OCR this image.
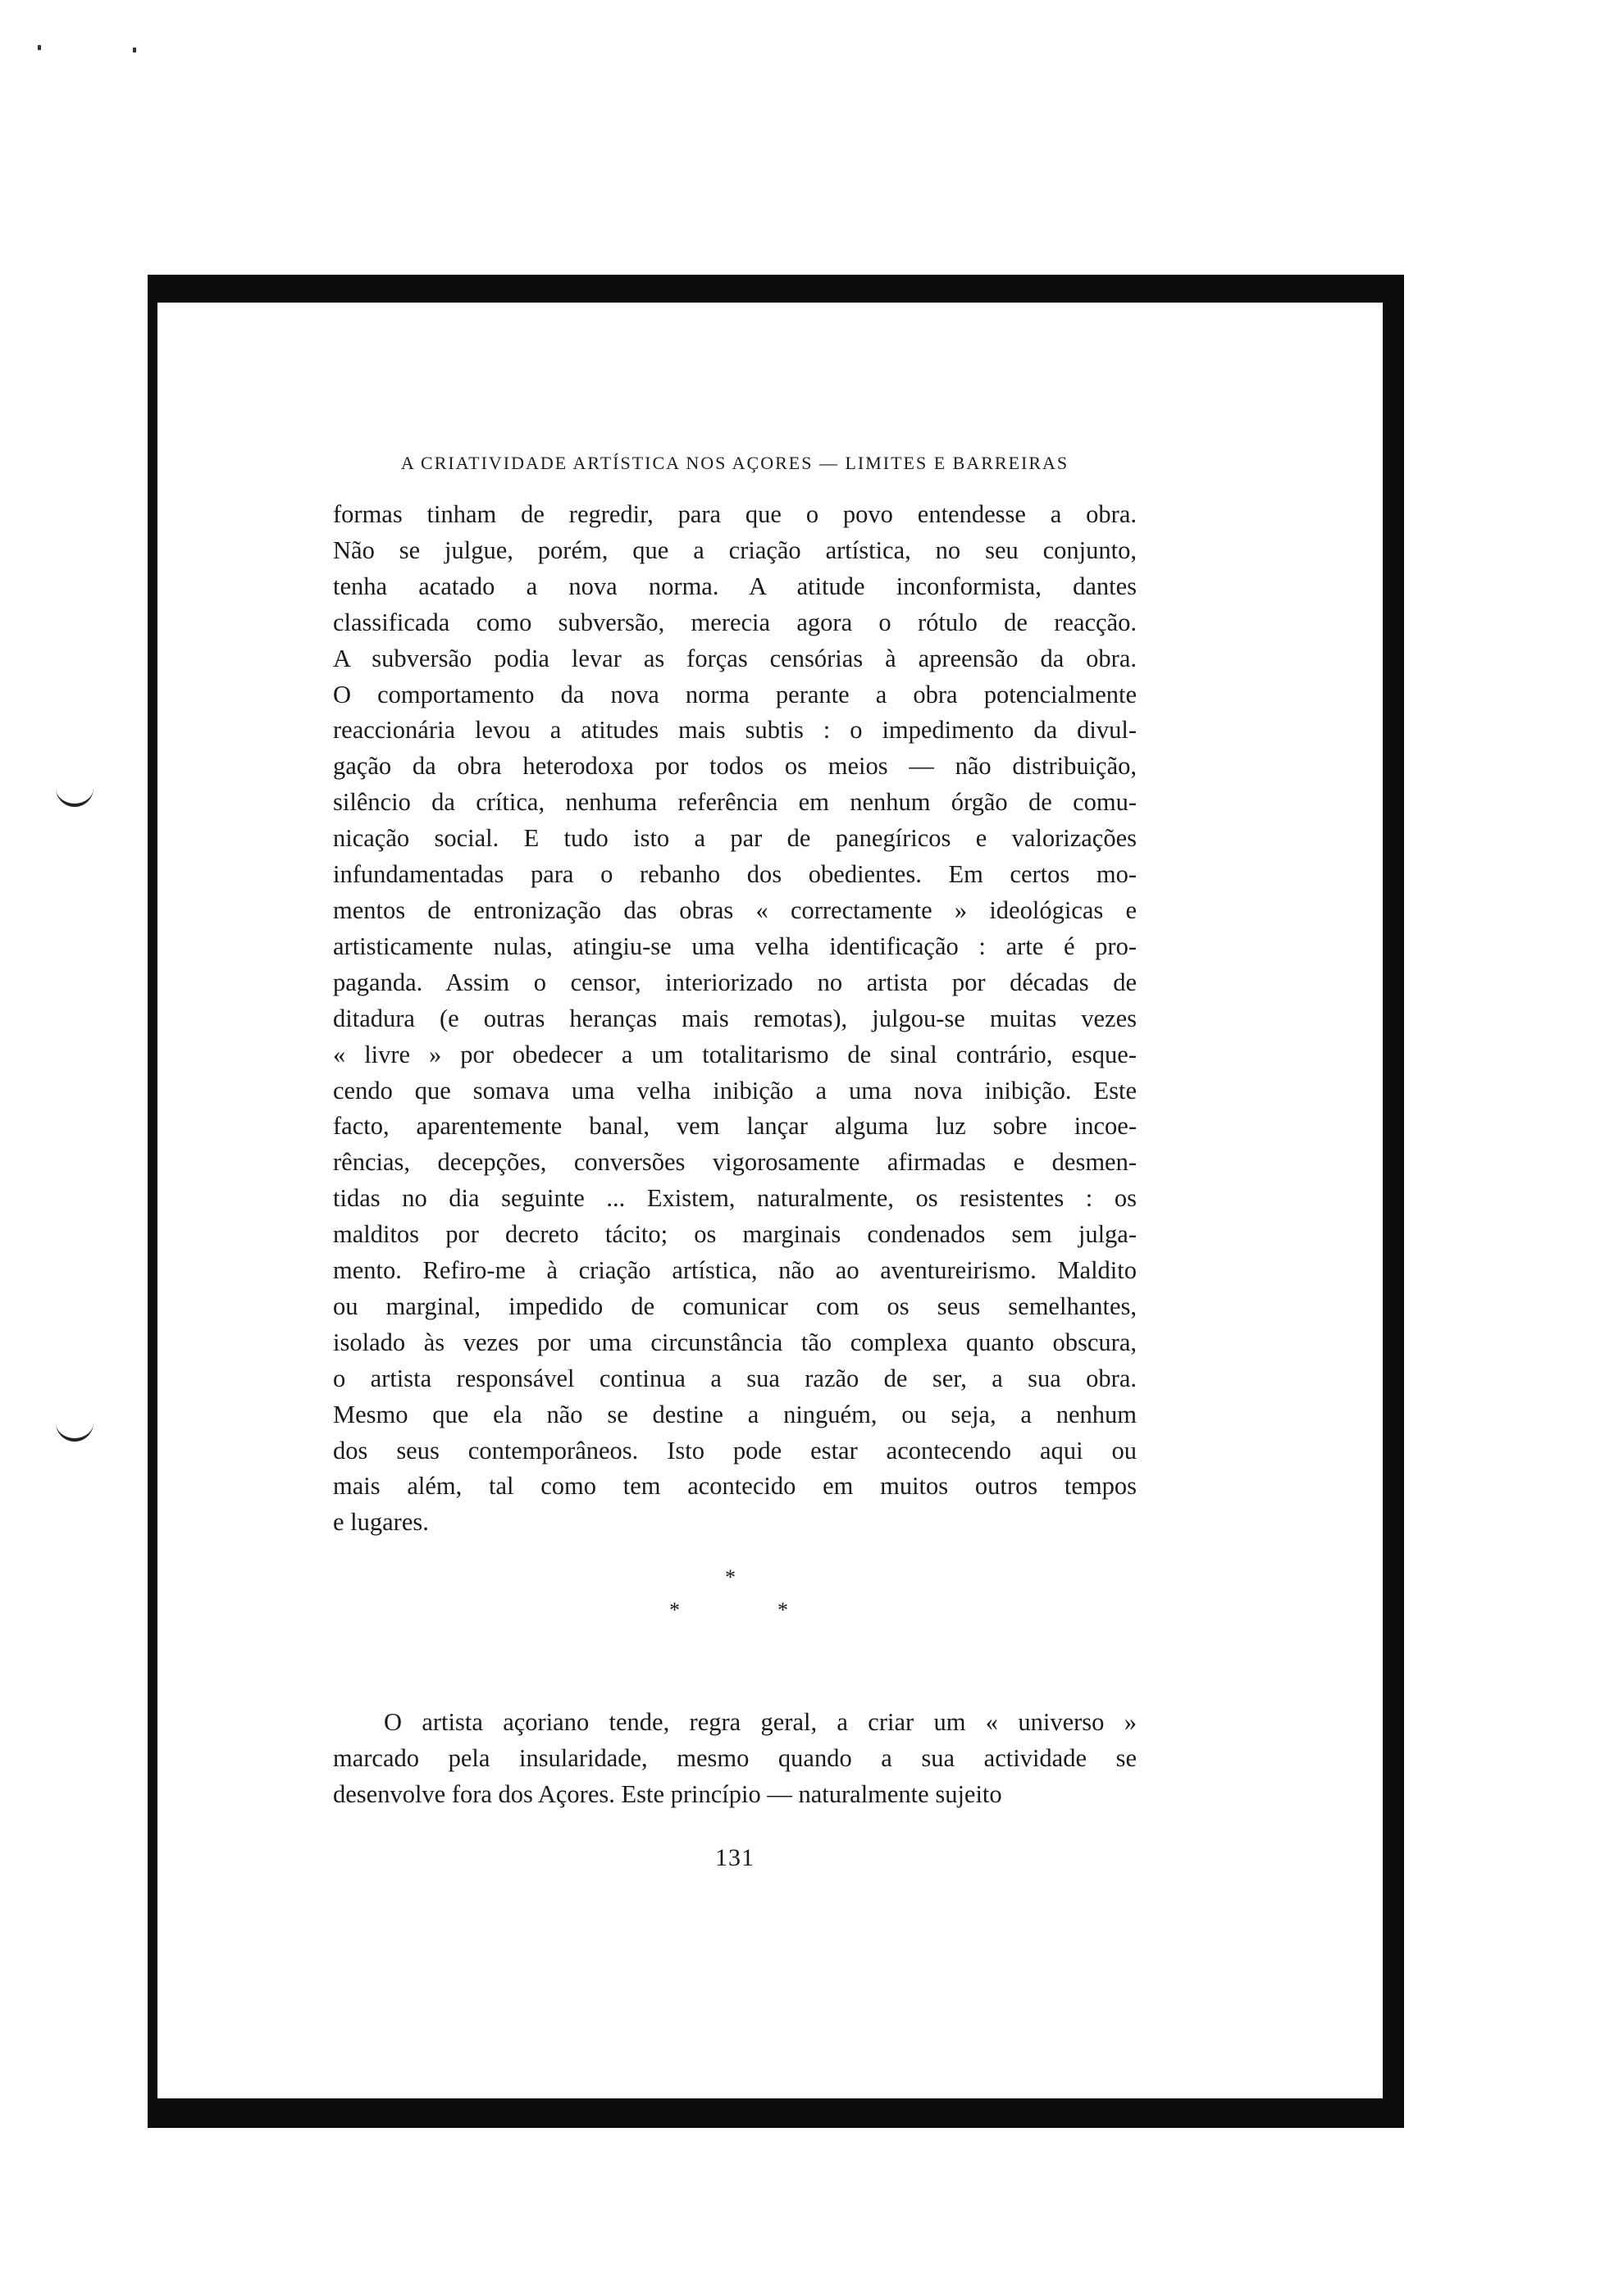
A CRIATIVIDADE ARTÍSTICA NOS AÇORES — LIMITES E BARREIRAS
formas tinham de regredir, para que o povo entendesse a obra.
Não se julgue, porém, que a criação artística, no seu conjunto,
tenha acatado a nova norma. A atitude inconformista, dantes
classificada como subversão, merecia agora o rótulo de reacção.
A subversão podia levar as forças censórias à apreensão da obra.
O comportamento da nova norma perante a obra potencialmente
reaccionária levou a atitudes mais subtis : o impedimento da divul-
gação da obra heterodoxa por todos os meios — não distribuição,
silêncio da crítica, nenhuma referência em nenhum órgão de comu-
nicação social. E tudo isto a par de panegíricos e valorizações
infundamentadas para o rebanho dos obedientes. Em certos mo-
mentos de entronização das obras « correctamente » ideológicas e
artisticamente nulas, atingiu-se uma velha identificação : arte é pro-
paganda. Assim o censor, interiorizado no artista por décadas de
ditadura (e outras heranças mais remotas), julgou-se muitas vezes
« livre » por obedecer a um totalitarismo de sinal contrário, esque-
cendo que somava uma velha inibição a uma nova inibição. Este
facto, aparentemente banal, vem lançar alguma luz sobre incoe-
rências, decepções, conversões vigorosamente afirmadas e desmen-
tidas no dia seguinte ... Existem, naturalmente, os resistentes : os
malditos por decreto tácito; os marginais condenados sem julga-
mento. Refiro-me à criação artística, não ao aventureirismo. Maldito
ou marginal, impedido de comunicar com os seus semelhantes,
isolado às vezes por uma circunstância tão complexa quanto obscura,
o artista responsável continua a sua razão de ser, a sua obra.
Mesmo que ela não se destine a ninguém, ou seja, a nenhum
dos seus contemporâneos. Isto pode estar acontecendo aqui ou
mais além, tal como tem acontecido em muitos outros tempos
e lugares.
*
*	*
O artista açoriano tende, regra geral, a criar um « universo »
marcado pela insularidade, mesmo quando a sua actividade se
desenvolve fora dos Açores. Este princípio — naturalmente sujeito
131
